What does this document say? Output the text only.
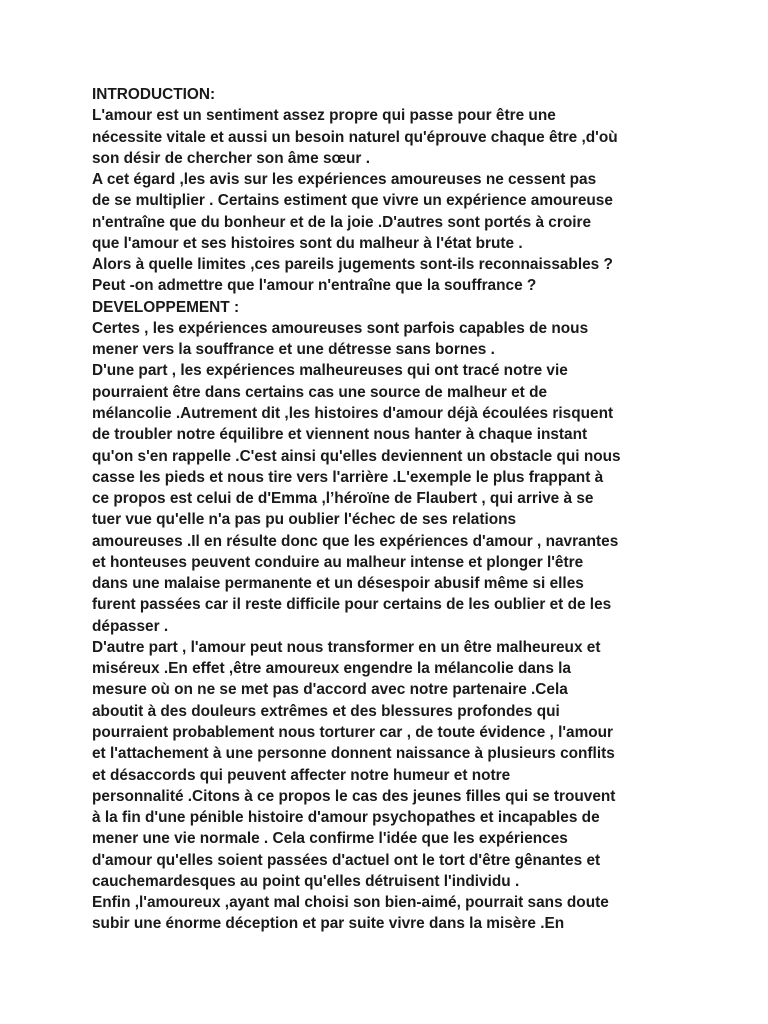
INTRODUCTION:
L'amour est un sentiment assez propre qui passe pour être une
nécessite vitale et aussi un besoin naturel qu'éprouve chaque être ,d'où
son désir de chercher son âme sœur .
A cet égard ,les avis sur les expériences amoureuses ne cessent pas
de se multiplier . Certains estiment que vivre un expérience amoureuse
n'entraîne que du bonheur et de la joie .D'autres sont portés à croire
que l'amour et ses histoires sont du malheur à l'état brute .
Alors à quelle limites ,ces pareils jugements sont-ils reconnaissables ?
Peut -on admettre que l'amour n'entraîne que la souffrance ?
DEVELOPPEMENT :
Certes , les expériences amoureuses sont parfois capables de nous
mener vers la souffrance et une détresse sans bornes .
D'une part , les expériences malheureuses qui ont tracé notre vie
pourraient être dans certains cas une source de malheur et de
mélancolie .Autrement dit ,les histoires d'amour déjà écoulées risquent
de troubler notre équilibre et viennent nous hanter à chaque instant
qu'on s'en rappelle .C'est ainsi qu'elles deviennent un obstacle qui nous
casse les pieds et nous tire vers l'arrière .L'exemple le plus frappant à
ce propos est celui de d'Emma ,l’héroïne de Flaubert , qui arrive à se
tuer vue qu'elle n'a pas pu oublier l'échec de ses relations
amoureuses .Il en résulte donc que les expériences d'amour , navrantes
et honteuses peuvent conduire au malheur intense et plonger l'être
dans une malaise permanente et un désespoir abusif même si elles
furent passées car il reste difficile pour certains de les oublier et de les
dépasser .
D'autre part , l'amour peut nous transformer en un être malheureux et
miséreux .En effet ,être amoureux engendre la mélancolie dans la
mesure où on ne se met pas d'accord avec notre partenaire .Cela
aboutit à des douleurs extrêmes et des blessures profondes qui
pourraient probablement nous torturer car , de toute évidence , l'amour
et l'attachement à une personne donnent naissance à plusieurs conflits
et désaccords qui peuvent affecter notre humeur et notre
personnalité .Citons à ce propos le cas des jeunes filles qui se trouvent
à la fin d'une pénible histoire d'amour psychopathes et incapables de
mener une vie normale . Cela confirme l'idée que les expériences
d'amour qu'elles soient passées d'actuel ont le tort d'être gênantes et
cauchemardesques au point qu'elles détruisent l'individu .
Enfin ,l'amoureux ,ayant mal choisi son bien-aimé, pourrait sans doute
subir une énorme déception et par suite vivre dans la misère .En
